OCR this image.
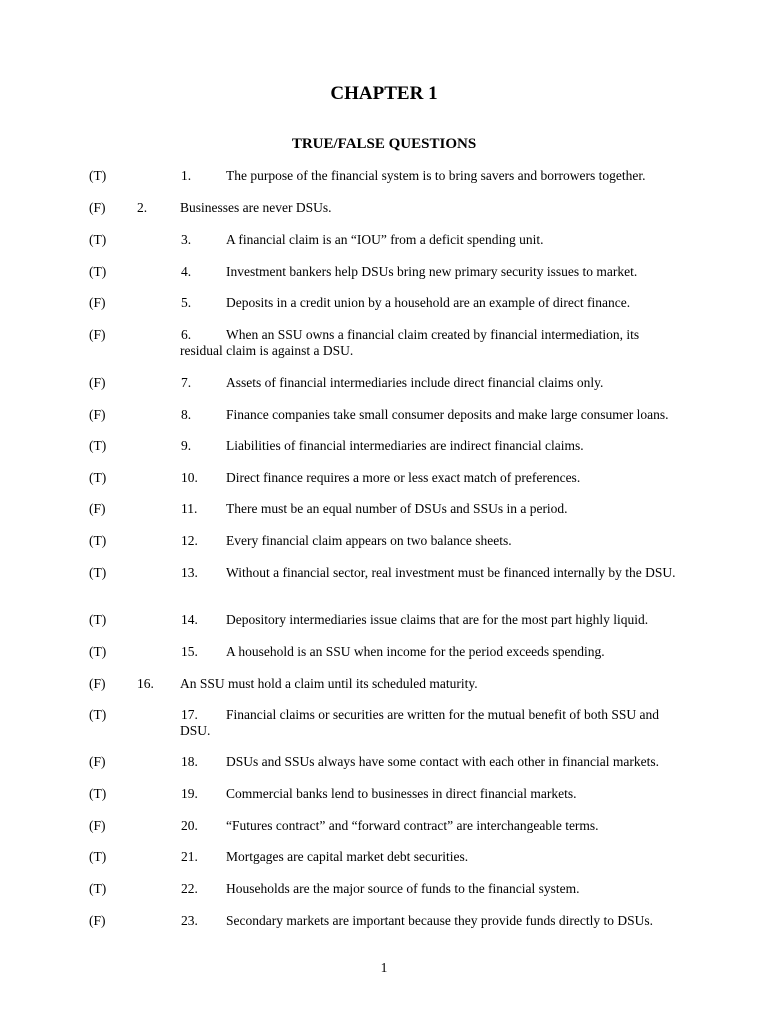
CHAPTER 1
TRUE/FALSE QUESTIONS
(T)	1.	The purpose of the financial system is to bring savers and borrowers together.
(F) 2. Businesses are never DSUs.
(T)	3.	A financial claim is an “IOU” from a deficit spending unit.
(T)	4.	Investment bankers help DSUs bring new primary security issues to market.
(F)	5.	Deposits in a credit union by a household are an example of direct finance.
(F)	6.	When an SSU owns a financial claim created by financial intermediation, its residual claim is against a DSU.
(F)	7.	Assets of financial intermediaries include direct financial claims only.
(F)	8.	Finance companies take small consumer deposits and make large consumer loans.
(T)	9.	Liabilities of financial intermediaries are indirect financial claims.
(T)	10. Direct finance requires a more or less exact match of preferences.
(F)	11. There must be an equal number of DSUs and SSUs in a period.
(T)	12. Every financial claim appears on two balance sheets.
(T)	13.	Without a financial sector, real investment must be financed internally by the DSU.
(T)	14. Depository intermediaries issue claims that are for the most part highly liquid.
(T)	15. A household is an SSU when income for the period exceeds spending.
(F) 16. An SSU must hold a claim until its scheduled maturity.
(T)	17.	Financial claims or securities are written for the mutual benefit of both SSU and DSU.
(F)	18. DSUs and SSUs always have some contact with each other in financial markets.
(T)	19. Commercial banks lend to businesses in direct financial markets.
(F)	20. “Futures contract” and “forward contract” are interchangeable terms.
(T)	21. Mortgages are capital market debt securities.
(T)	22. Households are the major source of funds to the financial system.
(F)	23. Secondary markets are important because they provide funds directly to DSUs.
1
